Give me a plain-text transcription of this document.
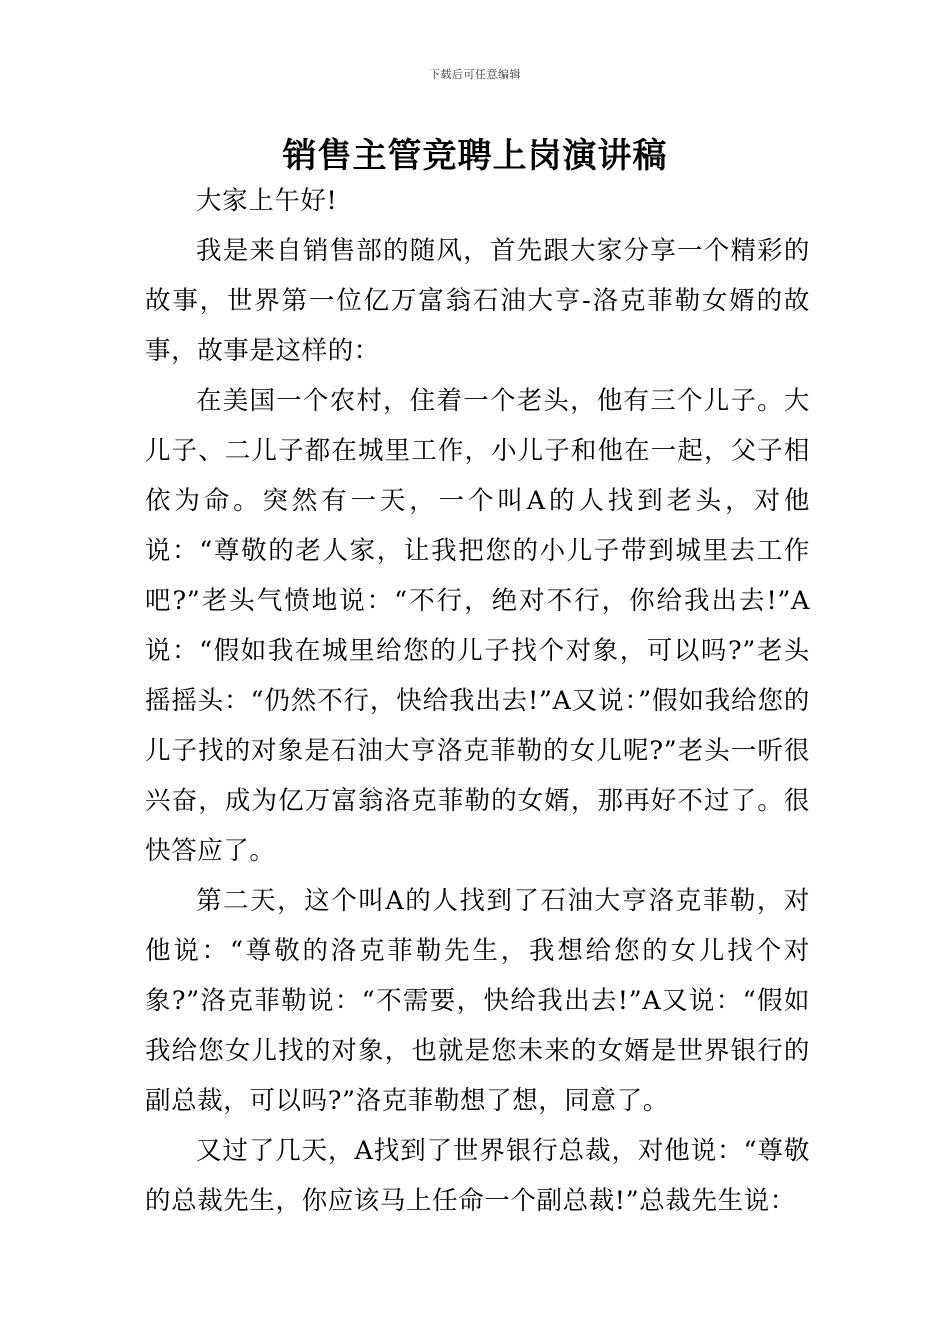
下载后可任意编辑
销售主管竞聘上岗演讲稿

大家上午好!

我是来自销售部的随风，首先跟大家分享一个精彩的故事，世界第一位亿万富翁石油大亨-洛克菲勒女婿的故事，故事是这样的：

在美国一个农村，住着一个老头，他有三个儿子。大儿子、二儿子都在城里工作，小儿子和他在一起，父子相依为命。突然有一天，一个叫A的人找到老头，对他说：“尊敬的老人家，让我把您的小儿子带到城里去工作吧?”老头气愤地说：“不行，绝对不行，你给我出去!”A说：“假如我在城里给您的儿子找个对象，可以吗?”老头摇摇头：“仍然不行，快给我出去!”A又说：”假如我给您的儿子找的对象是石油大亨洛克菲勒的女儿呢?”老头一听很兴奋，成为亿万富翁洛克菲勒的女婿，那再好不过了。很快答应了。

第二天，这个叫A的人找到了石油大亨洛克菲勒，对他说：“尊敬的洛克菲勒先生，我想给您的女儿找个对象?”洛克菲勒说：“不需要，快给我出去!”A又说：“假如我给您女儿找的对象，也就是您未来的女婿是世界银行的副总裁，可以吗?”洛克菲勒想了想，同意了。

又过了几天，A找到了世界银行总裁，对他说：“尊敬的总裁先生，你应该马上任命一个副总裁!”总裁先生说：
